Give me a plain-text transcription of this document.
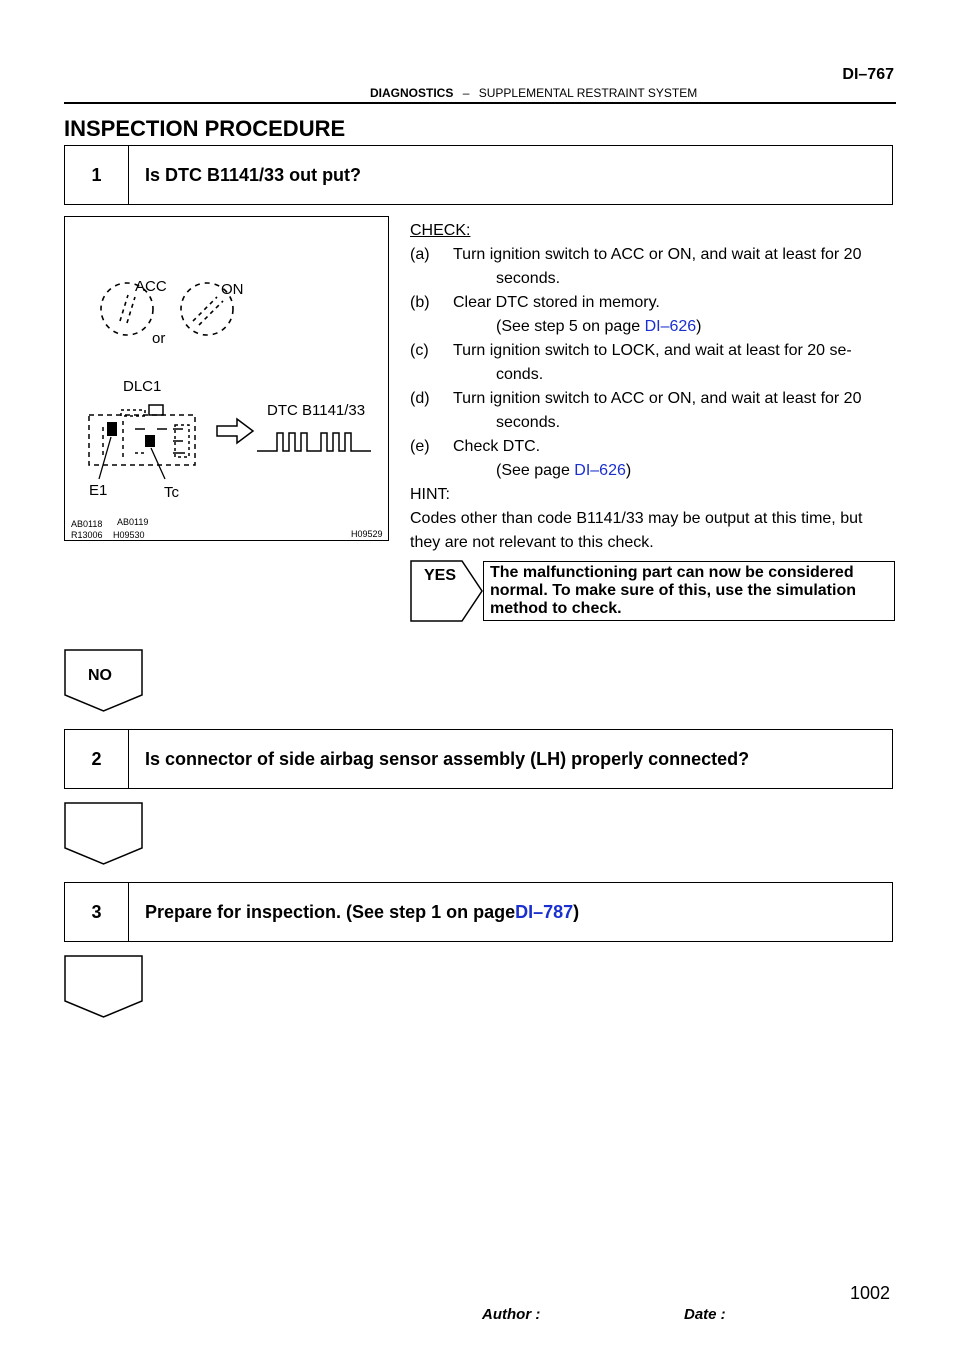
DI–767
DIAGNOSTICS – SUPPLEMENTAL RESTRAINT SYSTEM
INSPECTION PROCEDURE
1	Is DTC B1141/33 out put?
ACC	ON
or
DLC1
E1	Tc
DTC B1141/33
AB0118 AB0119
R13006 H09530	H09529
CHECK:
(a) Turn ignition switch to ACC or ON, and wait at least for 20
seconds.
(b) Clear DTC stored in memory.
(See step 5 on page DI–626)
(c) Turn ignition switch to LOCK, and wait at least for 20 se-
conds.
(d) Turn ignition switch to ACC or ON, and wait at least for 20
seconds.
(e) Check DTC.
(See page DI–626)
HINT:
Codes other than code B1141/33 may be output at this time, but
they are not relevant to this check.
YES The malfunctioning part can now be considered
normal. To make sure of this, use the simulation
method to check.
NO
2	Is connector of side airbag sensor assembly (LH) properly connected?
3	Prepare for inspection. (See step 1 on page DI–787 )
1002
Author :	Date :
